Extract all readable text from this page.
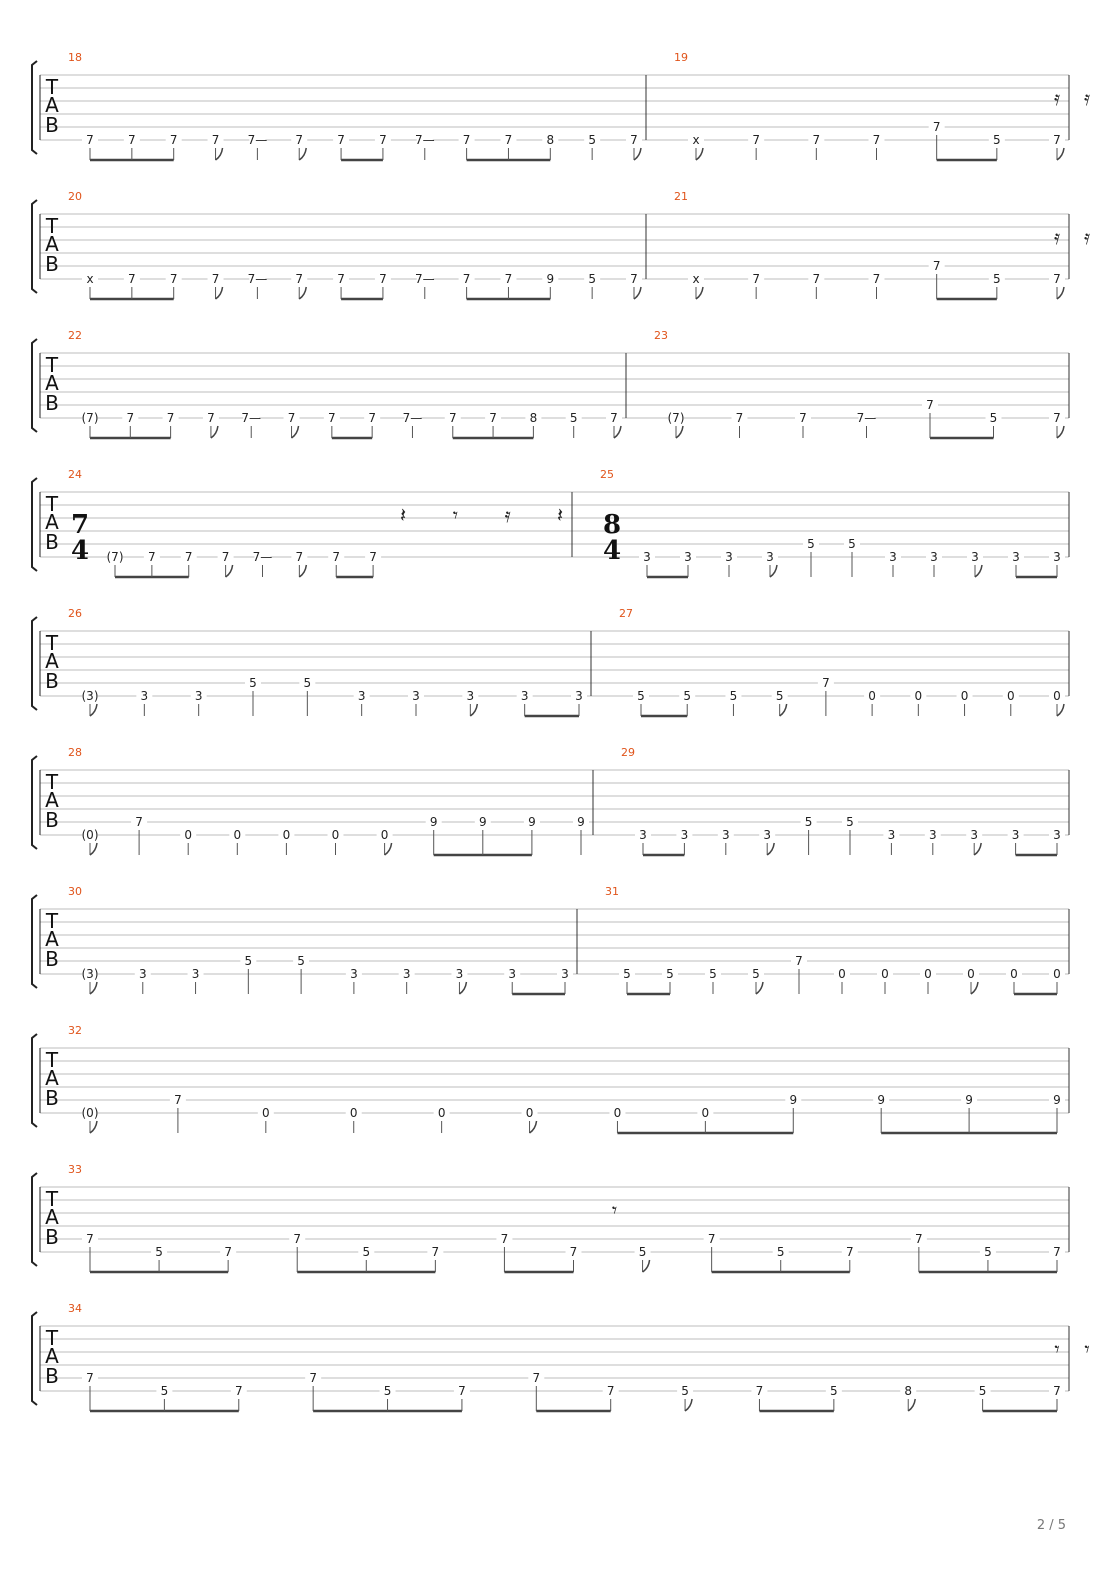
T
A
B
18
7	7	7	7 7— 7	7	7 7— 7	7	8	5	7
19
x	7	7	7
7
5	7
𝄿
𝄿
T
A
B
20
x	7	7	7 7— 7	7	7 7— 7	7	9	5	7
21
x	7	7	7
7
5	7
𝄿
𝄿
T
A
B
22
(7) 7	7	7 7— 7	7	7 7— 7	7	8	5	7
23
(7)	7	7	7—
7
5	7
T
A
B
24
7
4 (7) 7 7 7 7— 7 7 7
𝄽 𝄾 𝄿 𝄽
25
8
4 3	3	3	3
5	5
3	3	3	3	3
T
A
B
26
(3)	3	3
5	5
3	3	3	3	3
27
5	5	5	5
7
0	0	0	0	0
T
A
B
28
(0)
7
0	0	0	0	0
9	9	9	9
29
3	3	3	3
5	5
3	3	3	3	3
T
A
B
30
(3)	3	3
5	5
3	3	3	3	3
31
5	5	5	5
7
0	0	0	0	0	0
T
A
B
32
(0)
7
0	0	0	0	0	0
9	9	9	9
T
A
B
33
7
5	7
7
5	7
7
7	5
7
5	7
7
5	7
𝄾
T
A
B
34
7
5	7
7
5	7
7
7	5	7	5	8	5	7
𝄾
𝄾
2 / 5
